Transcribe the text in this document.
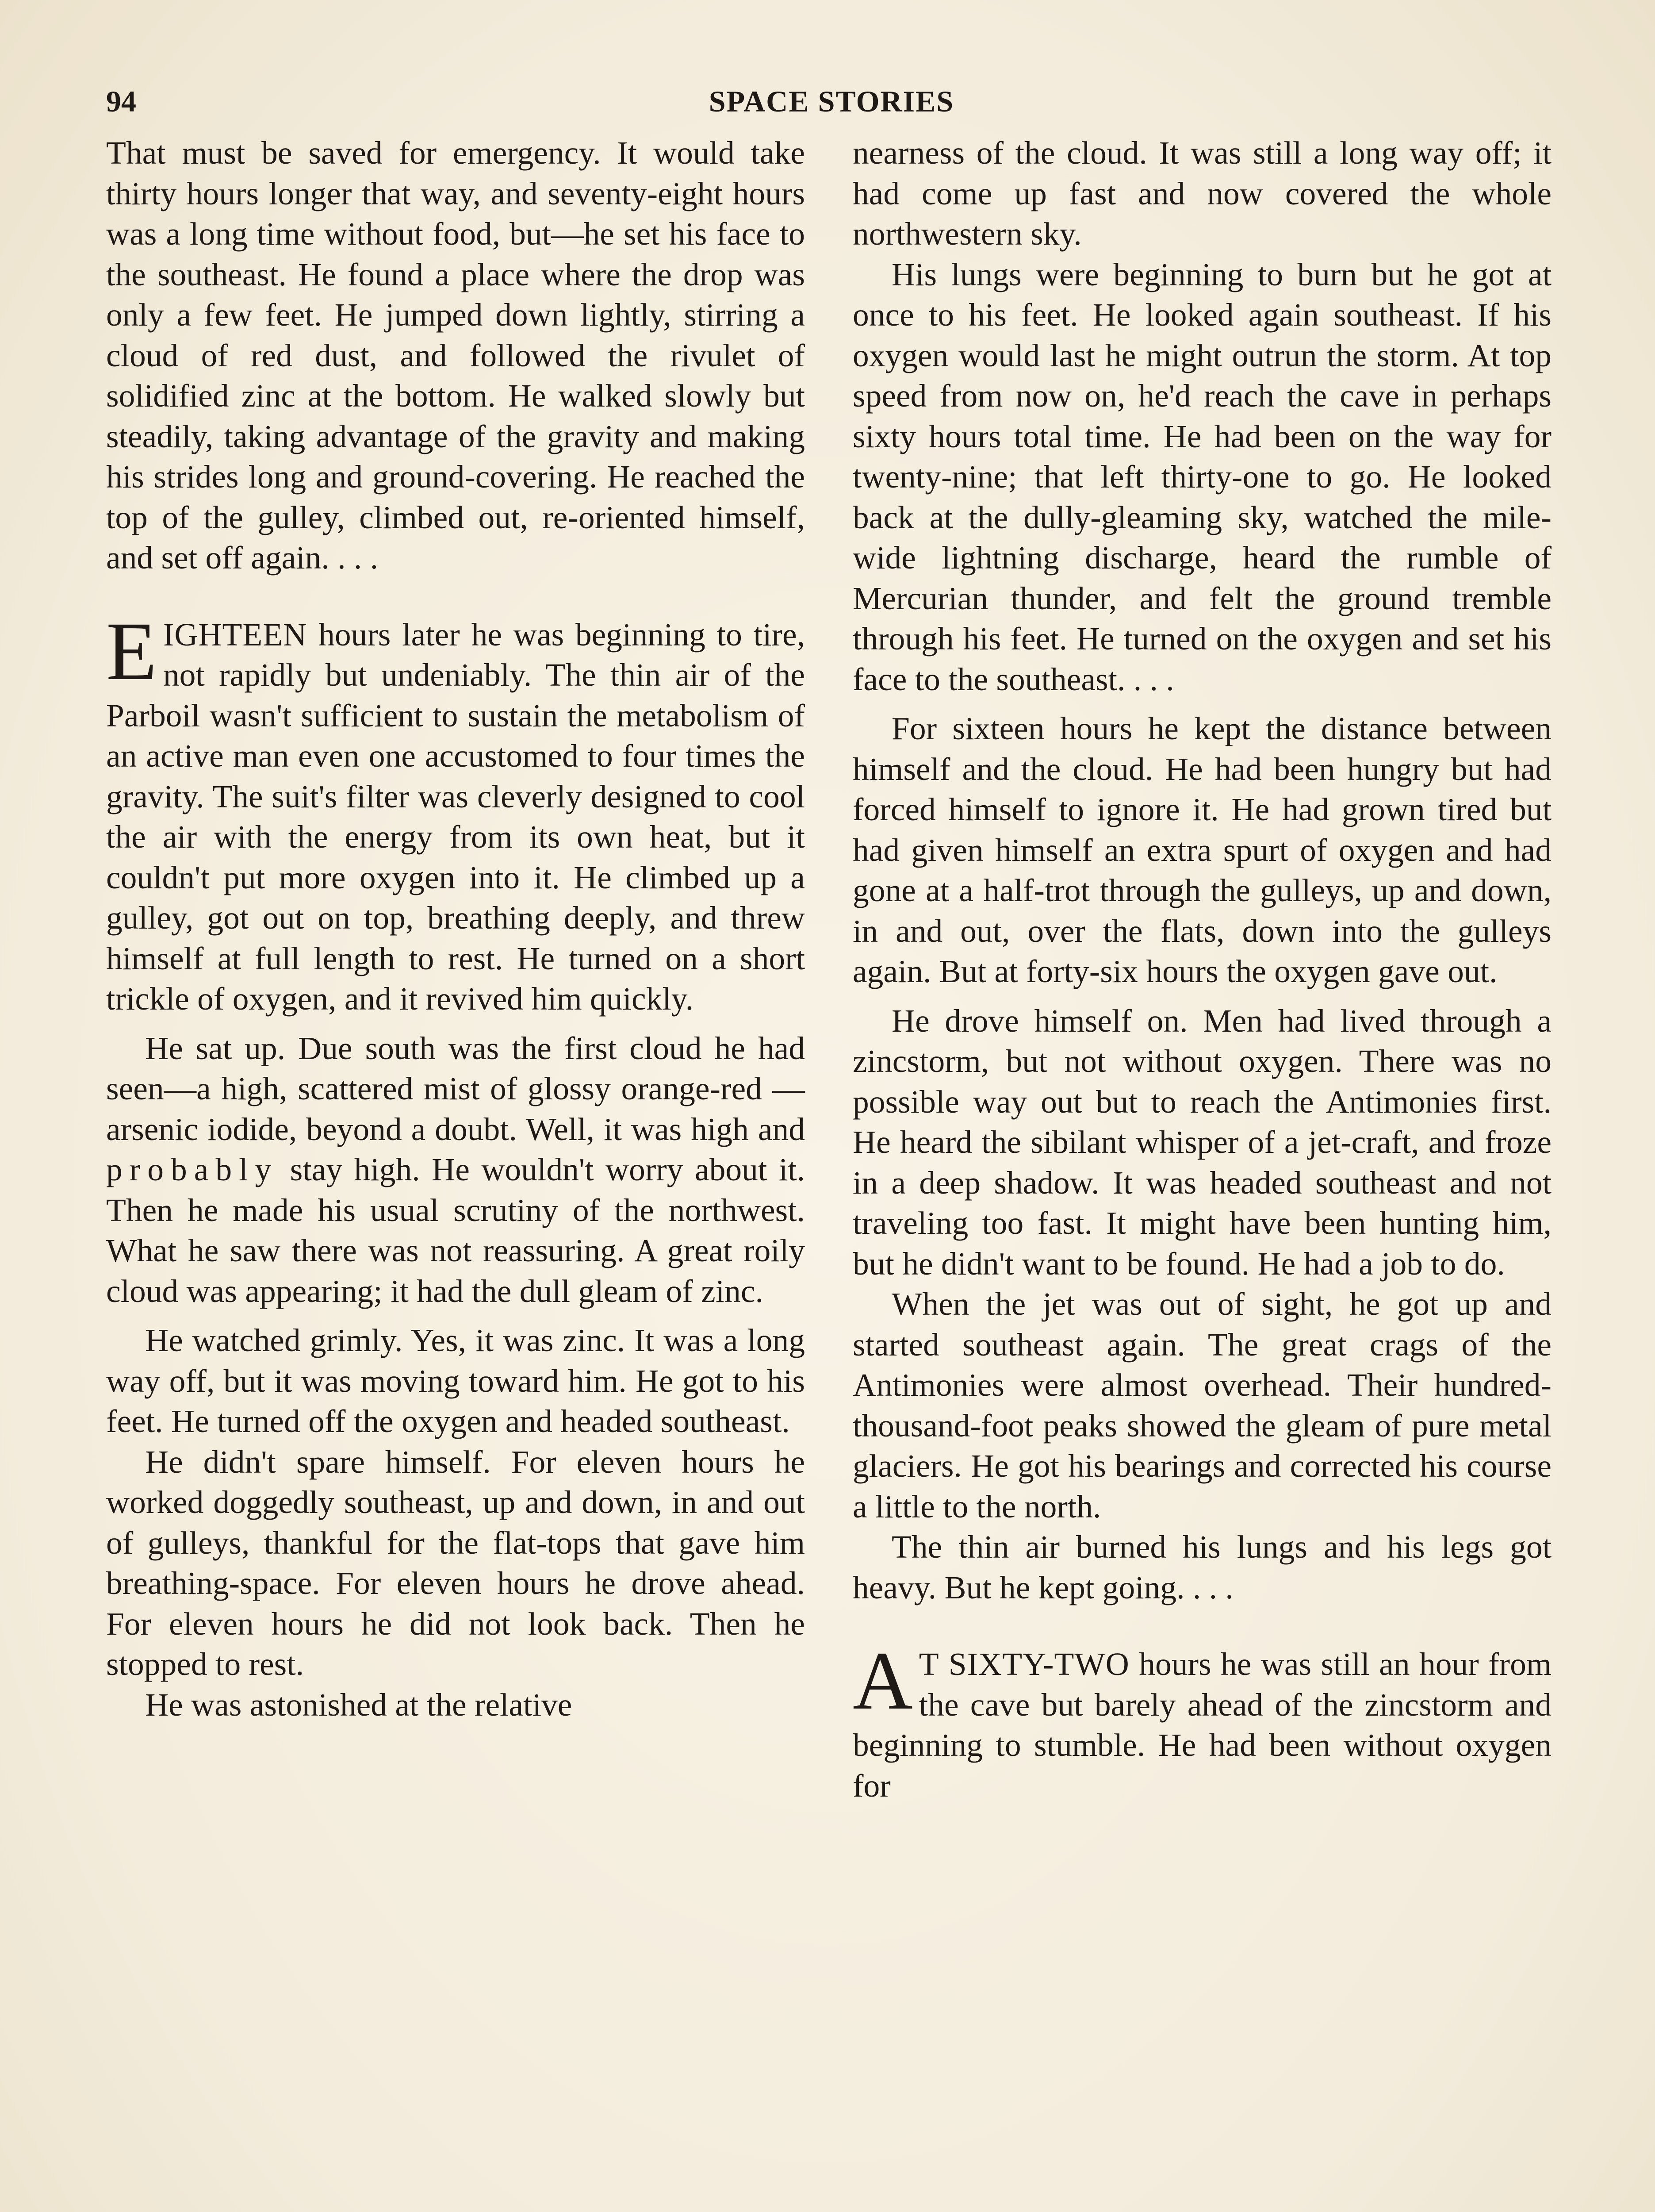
94	SPACE STORIES

That must be saved for emergency. It would take thirty hours longer that way, and seventy-eight hours was a long time without food, but—he set his face to the southeast. He found a place where the drop was only a few feet. He jumped down lightly, stirring a cloud of red dust, and followed the rivulet of solidified zinc at the bottom. He walked slowly but steadily, taking advantage of the gravity and making his strides long and ground-covering. He reached the top of the gulley, climbed out, re-oriented himself, and set off again. . . .

EIGHTEEN hours later he was beginning to tire, not rapidly but undeniably. The thin air of the Parboil wasn't sufficient to sustain the metabolism of an active man even one accustomed to four times the gravity. The suit's filter was cleverly designed to cool the air with the energy from its own heat, but it couldn't put more oxygen into it. He climbed up a gulley, got out on top, breathing deeply, and threw himself at full length to rest. He turned on a short trickle of oxygen, and it revived him quickly.

He sat up. Due south was the first cloud he had seen—a high, scattered mist of glossy orange-red — arsenic iodide, beyond a doubt. Well, it was high and probably stay high. He wouldn't worry about it. Then he made his usual scrutiny of the northwest. What he saw there was not reassuring. A great roily cloud was appearing; it had the dull gleam of zinc.

He watched grimly. Yes, it was zinc. It was a long way off, but it was moving toward him. He got to his feet. He turned off the oxygen and headed southeast.

He didn't spare himself. For eleven hours he worked doggedly southeast, up and down, in and out of gulleys, thankful for the flat-tops that gave him breathing-space. For eleven hours he drove ahead. For eleven hours he did not look back. Then he stopped to rest.

He was astonished at the relative

nearness of the cloud. It was still a long way off; it had come up fast and now covered the whole northwestern sky.

His lungs were beginning to burn but he got at once to his feet. He looked again southeast. If his oxygen would last he might outrun the storm. At top speed from now on, he'd reach the cave in perhaps sixty hours total time. He had been on the way for twenty-nine; that left thirty-one to go. He looked back at the dully-gleaming sky, watched the mile-wide lightning discharge, heard the rumble of Mercurian thunder, and felt the ground tremble through his feet. He turned on the oxygen and set his face to the southeast. . . .

For sixteen hours he kept the distance between himself and the cloud. He had been hungry but had forced himself to ignore it. He had grown tired but had given himself an extra spurt of oxygen and had gone at a half-trot through the gulleys, up and down, in and out, over the flats, down into the gulleys again. But at forty-six hours the oxygen gave out.

He drove himself on. Men had lived through a zincstorm, but not without oxygen. There was no possible way out but to reach the Antimonies first. He heard the sibilant whisper of a jet-craft, and froze in a deep shadow. It was headed southeast and not traveling too fast. It might have been hunting him, but he didn't want to be found. He had a job to do.

When the jet was out of sight, he got up and started southeast again. The great crags of the Antimonies were almost overhead. Their hundred-thousand-foot peaks showed the gleam of pure metal glaciers. He got his bearings and corrected his course a little to the north.

The thin air burned his lungs and his legs got heavy. But he kept going. . . .

A T SIXTY-TWO hours he was still an hour from the cave but barely ahead of the zincstorm and beginning to stumble. He had been without oxygen for
